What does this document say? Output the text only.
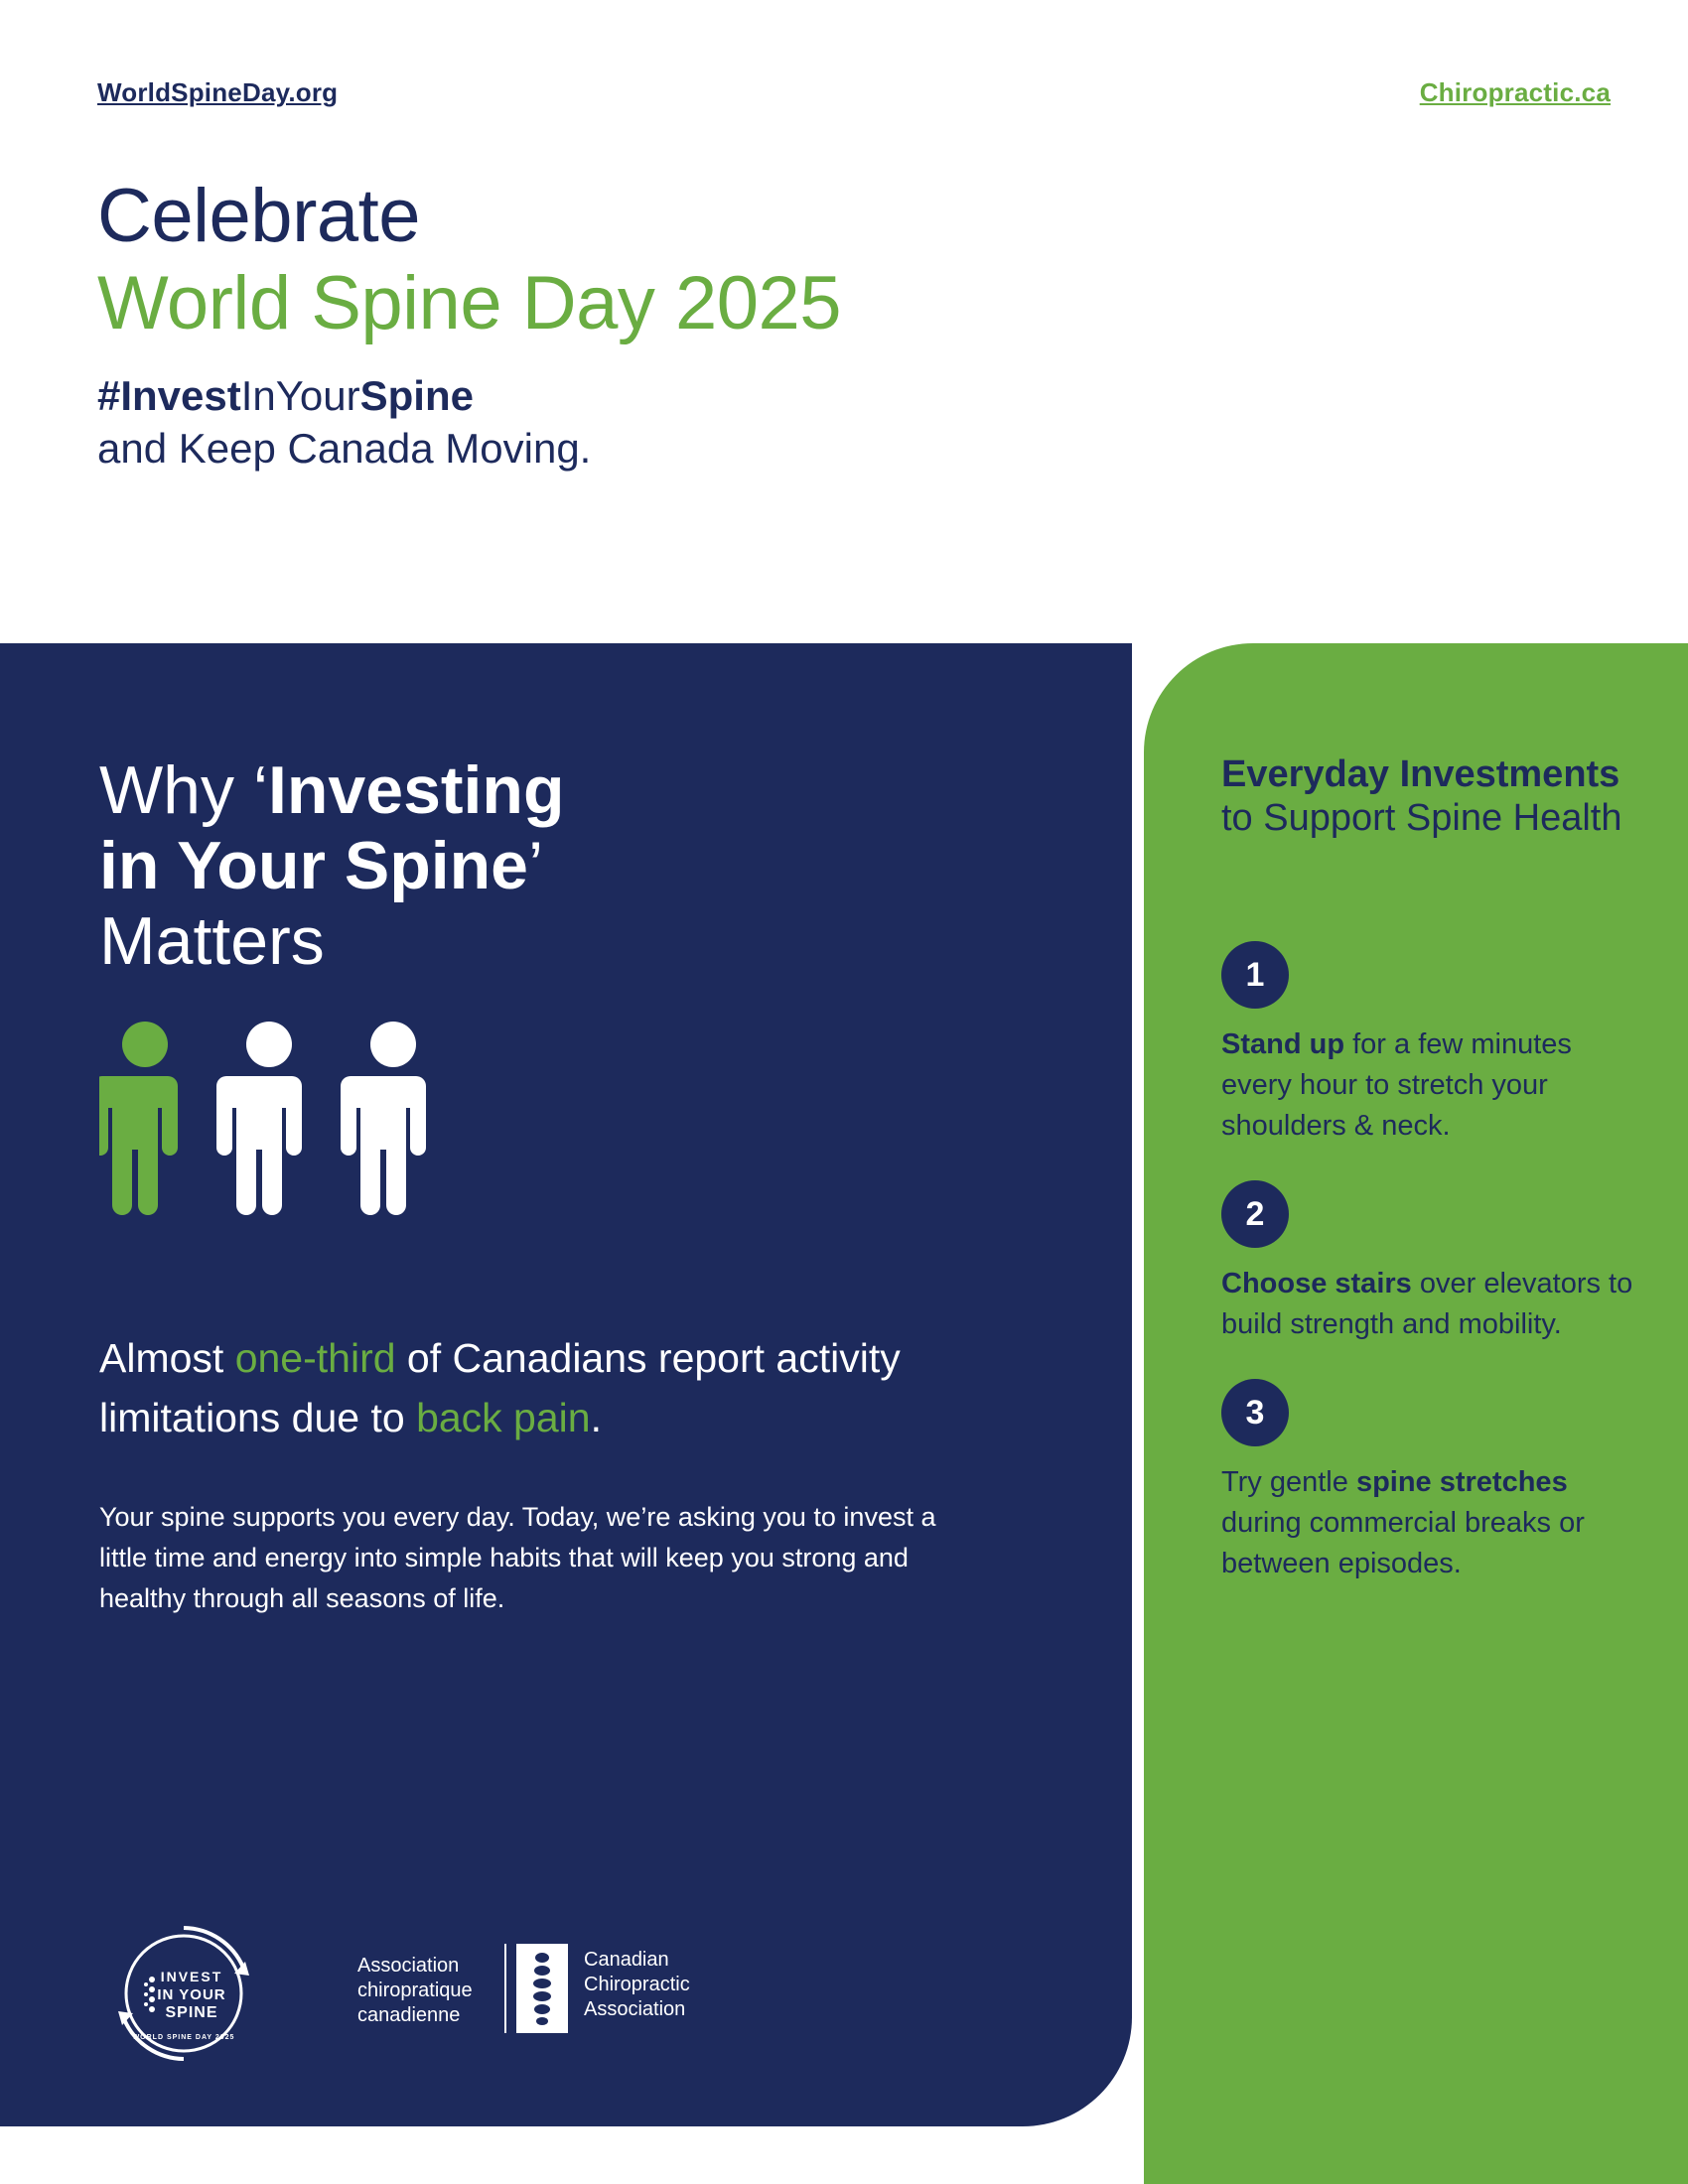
WorldSpineDay.org	Chiropractic.ca
Celebrate
World Spine Day 2025
#InvestInYourSpine
and Keep Canada Moving.
Why ‘Investing
in Your Spine’
Matters
Almost one-third of Canadians report activity limitations due to back pain.
Your spine supports you every day. Today, we’re asking you to invest a little time and energy into simple habits that will keep you strong and healthy through all seasons of life.
INVEST
IN YOUR
SPINE
WORLD SPINE DAY 2025
Association
chiropratique
canadienne
Canadian
Chiropractic
Association
Everyday Investments to Support Spine Health
1
Stand up for a few minutes every hour to stretch your shoulders & neck.
2
Choose stairs over elevators to build strength and mobility.
3
Try gentle spine stretches during commercial breaks or between episodes.
